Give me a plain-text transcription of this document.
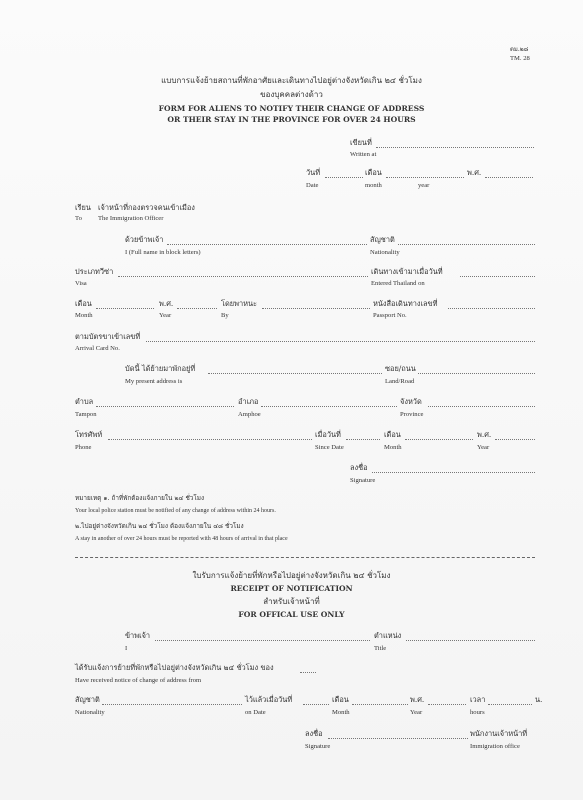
ตม.๒๘
TM. 28
แบบการแจ้งย้ายสถานที่พักอาศัยและเดินทางไปอยู่ต่างจังหวัดเกิน ๒๔ ชั่วโมง
ของบุคคลต่างด้าว
FORM FOR ALIENS TO NOTIFY THEIR CHANGE OF ADDRESS
OR THEIR STAY IN THE PROVINCE FOR OVER 24 HOURS
เขียนที่
Written at
วันที่	เดือน	พ.ศ.
Date	month	year
เรียน เจ้าหน้าที่กองตรวจคนเข้าเมือง
To The Immigration Officer
ด้วยข้าพเจ้า	สัญชาติ
I (Full name in block letters)	Nationality
ประเภทวีซ่า	เดินทางเข้ามาเมื่อวันที่
Visa	Entered Thailand on
เดือน	พ.ศ.	โดยพาหนะ	หนังสือเดินทางเลขที่
Month	Year	By	Passport No.
ตามบัตรขาเข้าเลขที่
Arrival Card No.
บัดนี้ ได้ย้ายมาพักอยู่ที่	ซอย/ถนน
My present address is	Land/Road
ตำบล	อำเภอ	จังหวัด
Tampon	Amphoe	Province
โทรศัพท์	เมื่อวันที่	เดือน	พ.ศ.
Phone	Since Date	Month	Year
ลงชื่อ
Signature
หมายเหตุ ๑. ถ้าที่พักต้องแจ้งภายใน ๒๔ ชั่วโมง
Your local police station must be notified of any change of address within 24 hours.
๒.ไปอยู่ต่างจังหวัดเกิน ๒๔ ชั่วโมง ต้องแจ้งภายใน ๔๘ ชั่วโมง
A stay in another of over 24 hours must be reported with 48 hours of arrival in that place
ใบรับการแจ้งย้ายที่พักหรือไปอยู่ต่างจังหวัดเกิน ๒๔ ชั่วโมง
RECEIPT OF NOTIFICATION
สำหรับเจ้าหน้าที่
FOR OFFICAL USE ONLY
ข้าพเจ้า	ตำแหน่ง
I	Title
ได้รับแจ้งการย้ายที่พักหรือไปอยู่ต่างจังหวัดเกิน ๒๔ ชั่วโมง ของ
Have received notice of change of address from
สัญชาติ	ไว้แล้วเมื่อวันที่	เดือน	พ.ศ.	เวลา	น.
Nationality	on Date	Month	Year	hours
ลงชื่อ	พนักงานเจ้าหน้าที่
Signature	Immigration office
